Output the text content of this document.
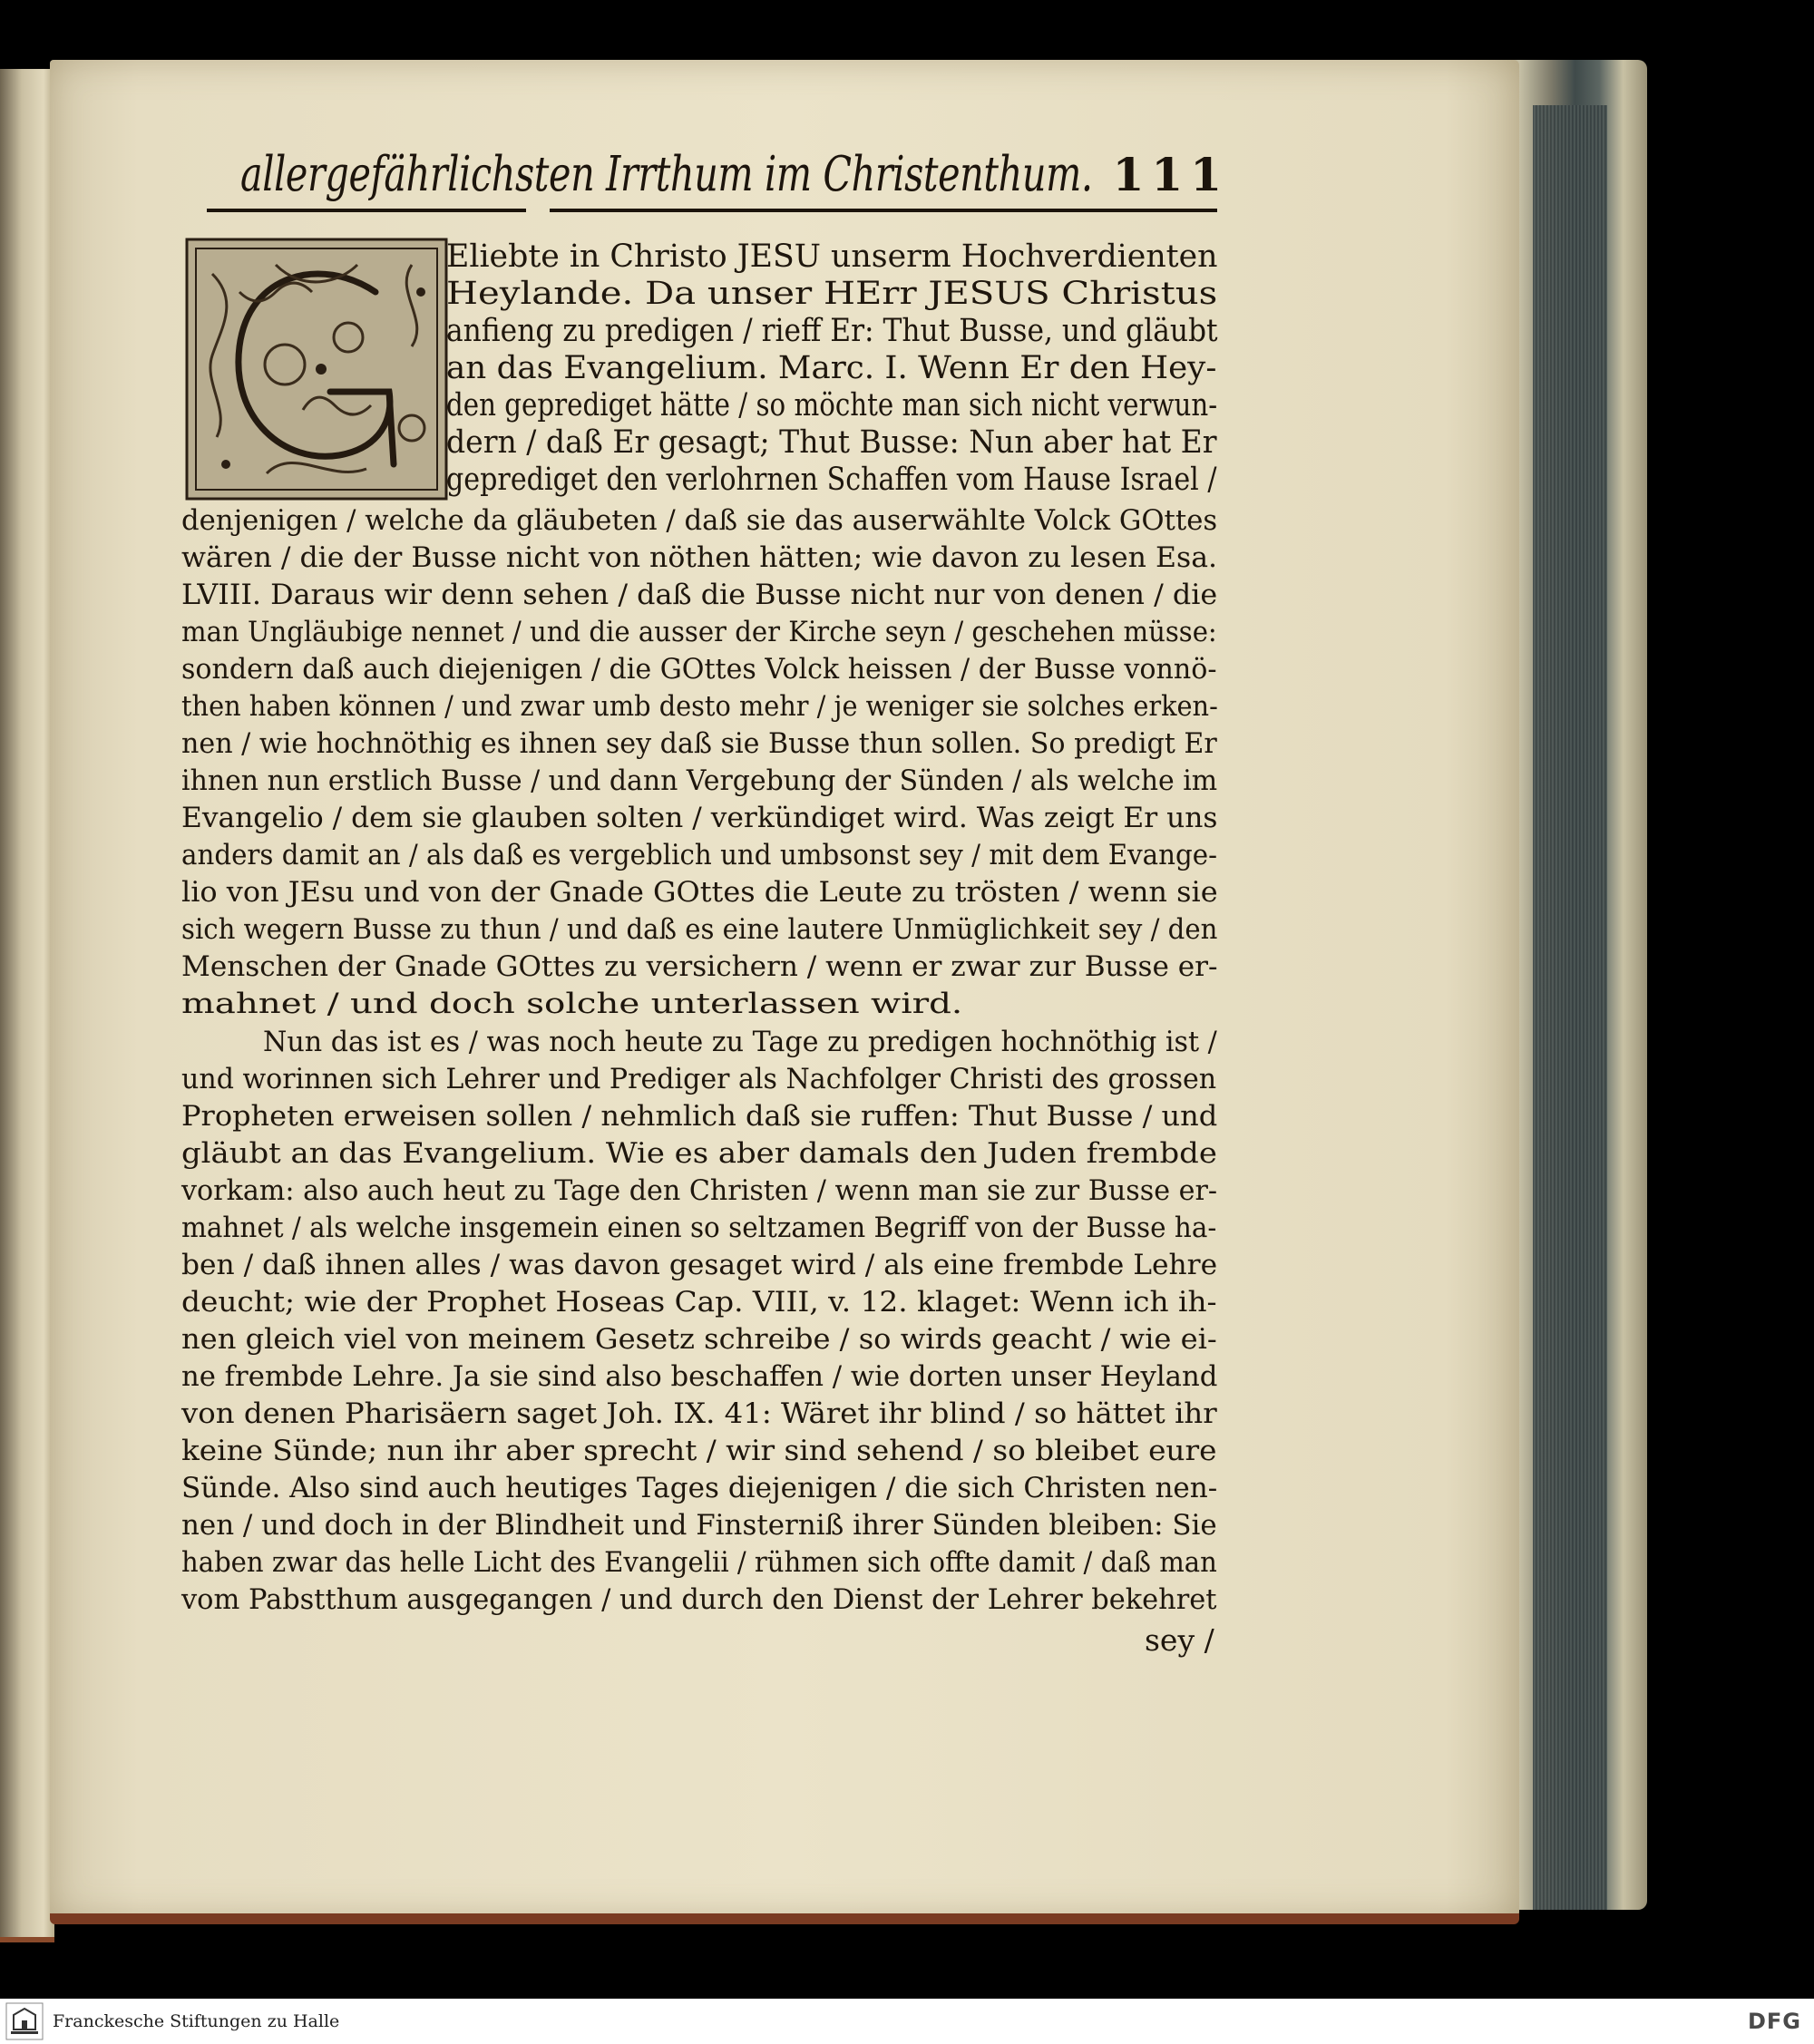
allergefährlichsten Irrthum im Christenthum. 111
Eliebte in Christo JESU unserm Hochverdienten
Heylande. Da unser HErr JESUS Christus
anfieng zu predigen / rieff Er: Thut Busse, und gläubt
an das Evangelium. Marc. I. Wenn Er den Hey-
den geprediget hätte / so möchte man sich nicht verwun-
dern / daß Er gesagt; Thut Busse: Nun aber hat Er
geprediget den verlohrnen Schaffen vom Hause Israel /
denjenigen / welche da gläubeten / daß sie das auserwählte Volck GOttes
wären / die der Busse nicht von nöthen hätten; wie davon zu lesen Esa.
LVIII. Daraus wir denn sehen / daß die Busse nicht nur von denen / die
man Ungläubige nennet / und die ausser der Kirche seyn / geschehen müsse:
sondern daß auch diejenigen / die GOttes Volck heissen / der Busse vonnö-
then haben können / und zwar umb desto mehr / je weniger sie solches erken-
nen / wie hochnöthig es ihnen sey daß sie Busse thun sollen. So predigt Er
ihnen nun erstlich Busse / und dann Vergebung der Sünden / als welche im
Evangelio / dem sie glauben solten / verkündiget wird. Was zeigt Er uns
anders damit an / als daß es vergeblich und umbsonst sey / mit dem Evange-
lio von JEsu und von der Gnade GOttes die Leute zu trösten / wenn sie
sich wegern Busse zu thun / und daß es eine lautere Unmüglichkeit sey / den
Menschen der Gnade GOttes zu versichern / wenn er zwar zur Busse er-
mahnet / und doch solche unterlassen wird.
Nun das ist es / was noch heute zu Tage zu predigen hochnöthig ist /
und worinnen sich Lehrer und Prediger als Nachfolger Christi des grossen
Propheten erweisen sollen / nehmlich daß sie ruffen: Thut Busse / und
gläubt an das Evangelium. Wie es aber damals den Juden frembde
vorkam: also auch heut zu Tage den Christen / wenn man sie zur Busse er-
mahnet / als welche insgemein einen so seltzamen Begriff von der Busse ha-
ben / daß ihnen alles / was davon gesaget wird / als eine frembde Lehre
deucht; wie der Prophet Hoseas Cap. VIII, v. 12. klaget: Wenn ich ih-
nen gleich viel von meinem Gesetz schreibe / so wirds geacht / wie ei-
ne frembde Lehre. Ja sie sind also beschaffen / wie dorten unser Heyland
von denen Pharisäern saget Joh. IX. 41: Wäret ihr blind / so hättet ihr
keine Sünde; nun ihr aber sprecht / wir sind sehend / so bleibet eure
Sünde. Also sind auch heutiges Tages diejenigen / die sich Christen nen-
nen / und doch in der Blindheit und Finsterniß ihrer Sünden bleiben: Sie
haben zwar das helle Licht des Evangelii / rühmen sich offte damit / daß man
vom Pabstthum ausgegangen / und durch den Dienst der Lehrer bekehret
sey /
Franckesche Stiftungen zu Halle	DFG
